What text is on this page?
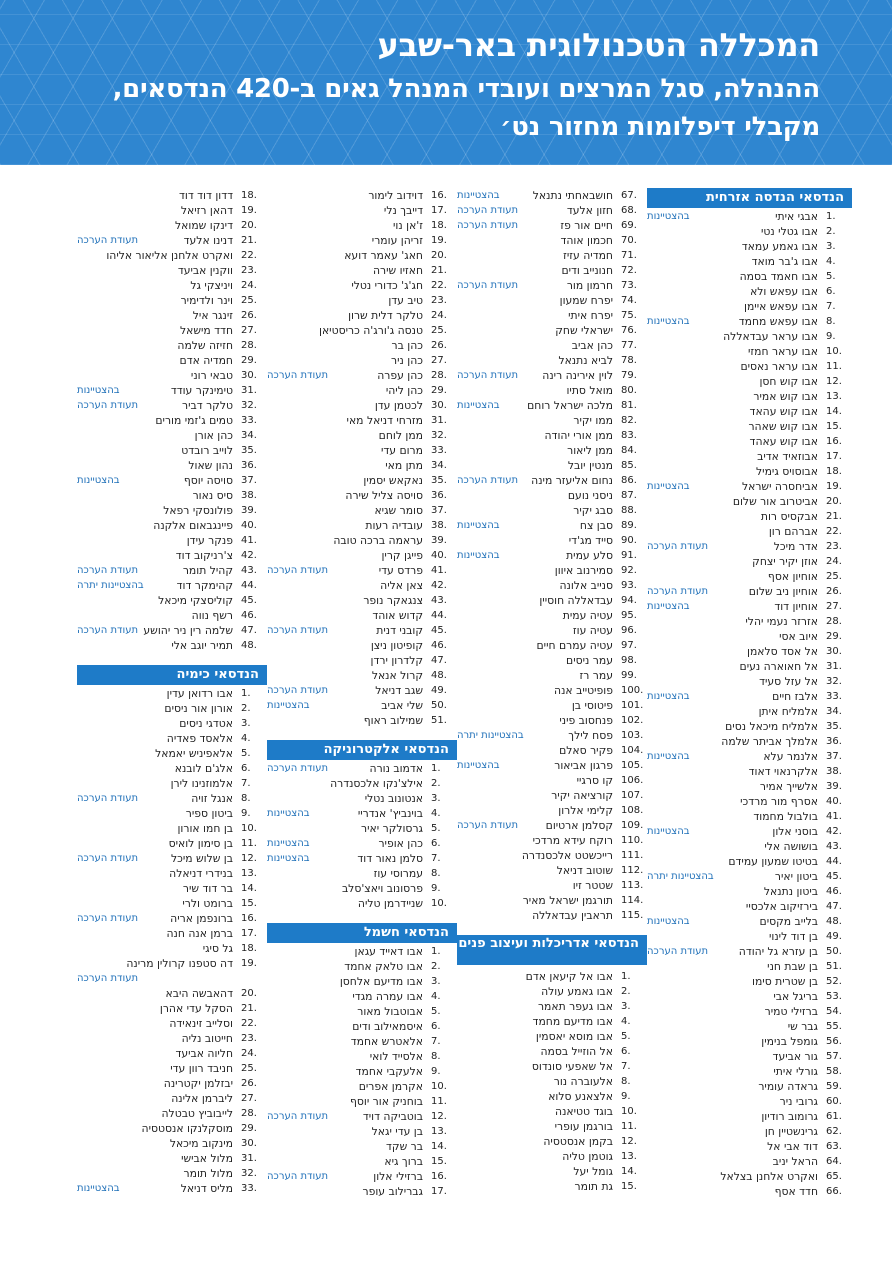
המכללה הטכנולוגית באר-שבע
ההנהלה, סגל המרצים ועובדי המנהל גאים ב-420 הנדסאים,
מקבלי דיפלומות מחזור נט׳
הנדסאי הנדסה אזרחית
1.
אבגי איתי
בהצטיינות
2.
אבו גטלי נטי
3.
אבו גאמע עמאד
4.
אבו ג'בר מואד
5.
אבו חאמד בסמה
6.
אבו עפאש ולא
7.
אבו עפאש איימן
8.
אבו עפאש מחמד
בהצטיינות
9.
אבו עראר עבדאללה
10.
אבו עראר חמזי
11.
אבו עראר נאסים
12.
אבו קוש חסן
13.
אבו קוש אמיר
14.
אבו קוש עהאד
15.
אבו קוש שאהר
16.
אבו קוש עאהד
17.
אבוזאיד אדיב
18.
אבוסויס גימיל
19.
אביחסרה ישראל
בהצטיינות
20.
אביטרוב אור שלום
21.
אבקסיס רות
22.
אברהם רון
23.
אדר מיכל
תעודת הערכה
24.
אוזן יקיר יצחק
25.
אוחיון אסף
26.
אוחיון ניב שלום
תעודת הערכה
27.
אוחיון דוד
בהצטיינות
28.
אזרזר נעמי יהלי
29.
איוב אסי
30.
אל אסד סלאמן
31.
אל חאוארה נעים
32.
אל עזל סעיד
33.
אלבז חיים
בהצטיינות
34.
אלמליח איתן
35.
אלמליח מיכאל נסים
36.
אלמלך אביתר שלמה
37.
אלנמר עלא
בהצטיינות
38.
אלקרנאוי דאוד
39.
אלשייך אמיר
40.
אסרף מור מרדכי
41.
בולבול מחמוד
42.
בוסני אלון
בהצטיינות
43.
בושושה אלי
44.
בטיטו שמעון עמידם
45.
ביטון יאיר
בהצטיינות יתרה
46.
ביטון נתנאל
47.
בירזיקוב אלכסיי
48.
בלייב מקסים
בהצטיינות
49.
בן דוד לינוי
50.
בן עזרא גל יהודה
תעודת הערכה
51.
בן שבת חני
52.
בן שטרית סימו
53.
בריגל אבי
54.
ברזילי טמיר
55.
גבר שי
56.
גומפל בנימין
57.
גור אביעד
58.
גורלי איתי
59.
גראדה עומיר
60.
גרובי ניר
61.
גרומוב רודיון
62.
גרינשטיין חן
63.
דוד אבי אל
64.
הראל יניב
65.
ואקרט אלחנן בצלאל
66.
חדד אסף
67.
חושבאחתי נתנאל
בהצטיינות
68.
חזון אלעד
תעודת הערכה
69.
חיים אור פז
תעודת הערכה
70.
חכמון אוהד
71.
חמדיה עזיז
72.
חנונייב ודים
73.
חרמון מור
תעודת הערכה
74.
יפרח שמעון
75.
יפרח איתי
76.
ישראלי שחק
77.
כהן אביב
78.
לביא נתנאל
79.
לוין אירינה רינה
תעודת הערכה
80.
מואל סתיו
81.
מלכה ישראל רוחם
בהצטיינות
82.
ממו יקיר
83.
ממן אורי יהודה
84.
ממן ליאור
85.
מנטין יובל
86.
נחום אליעזר מינה
תעודת הערכה
87.
ניסני נועם
88.
סבג יקיר
89.
סבן צח
בהצטיינות
90.
סייד מג'די
91.
סלע עמית
בהצטיינות
92.
סמירנוב איוון
93.
סנייב אלונה
94.
עבדאללה חוסיין
95.
עטיה עמית
96.
עטיה עוז
97.
עטיה עמרם חיים
98.
עמר ניסים
99.
עמר רז
100.
פופיטייב אנה
101.
פיטוסי בן
102.
פנחסוב פיני
103.
פסח לילך
בהצטיינות יתרה
104.
פקיר סאלם
105.
פרגון אביאור
בהצטיינות
106.
קו סרגיי
107.
קורציאה יקיר
108.
קלימי אלרון
109.
קסלמן ארטיום
תעודת הערכה
110.
רוקח עידא מרדכי
111.
רייכשטט אלכסנדרה
112.
שוטוב דניאל
113.
שטטר זיו
114.
תורגמן ישראל מאיר
115.
תראבין עבדאללה
הנדסאי אדריכלות ועיצוב פנים
1.
אבו אל קיעאן אדם
2.
אבו גאמע עולה
3.
אבו געפר תאמר
4.
אבו מדיעם מחמד
5.
אבו מוסא יאסמין
6.
אל הוזייל בסמה
7.
אל שאפעי סונדוס
8.
אלעוברה נור
9.
אלצאנע סלוא
10.
בוגד טטיאנה
11.
בורגמן עופרי
12.
בקמן אנסטסיה
13.
גוטמן טליה
14.
גומל יעל
15.
גת תומר
16.
דוידוב לימור
17.
דייבך נלי
18.
ז'אן נוי
19.
זריהן עומרי
20.
חאג' עאמר דועא
21.
חאזיו שירה
22.
חג'ג' כדורי נטלי
23.
טיב עדן
24.
טלקר דלית שרון
25.
טנסה ג'ורג'ה כריסטיאן
26.
כהן בר
27.
כהן ניר
28.
כהן עפרה
תעודת הערכה
29.
כהן ליהי
30.
לכטמן עדן
31.
מזרחי דניאל מאי
32.
ממן לוחם
33.
מרום עדי
34.
מתן מאי
35.
נאקאש יסמין
36.
סויסה צליל שירה
37.
סומר שגיא
38.
עובדיה רעות
39.
עראמה ברכה טובה
40.
פייגן קרין
41.
פרדס עדי
תעודת הערכה
42.
צאן אליה
43.
צנגאקר נופר
44.
קדוש אוהד
45.
קובני דנית
תעודת הערכה
46.
קופיטון ניצן
47.
קלדרון ירדן
48.
קרול אנאל
49.
שגב דניאל
תעודת הערכה
50.
שלי אביב
בהצטיינות
51.
שמילוב ראוף
הנדסאי אלקטרוניקה
1.
אדמוב נורה
תעודת הערכה
2.
אילצ'נקו אלכסנדרה
3.
אנטונוב נטלי
4.
בוינביץ' אנדריי
בהצטיינות
5.
גרסולקר יאיר
6.
כהן אופיר
בהצטיינות
7.
סלמן נאור דוד
בהצטיינות
8.
עמרוסי עוז
9.
פרסונוב ויאצ'סלב
10.
שניידרמן טליה
הנדסאי חשמל
1.
אבו דאייד עגאן
2.
אבו טלאק אחמד
3.
אבו מדיעם אלחסן
4.
אבו עמרה מגדי
5.
אבוטבול מאור
6.
איסמאילוב ודים
7.
אלאטרש אחמד
8.
אלסייד לואי
9.
אלעקבי אחמד
10.
אקרמן אפרים
11.
בוחניק אור יוסף
12.
בוטביקה דויד
תעודת הערכה
13.
בן עדי יגאל
14.
בר שקד
15.
ברוך גיא
16.
ברזילי אלון
תעודת הערכה
17.
גברילוב עופר
18.
דדון דוד דוד
19.
דהאן רזיאל
20.
דינקו שמואל
21.
דנינו אלעד
תעודת הערכה
22.
ואקרט אלחנן אליאור אליהו
23.
ווקנין אביעד
24.
ויניצקי גל
25.
וינר ולדימיר
26.
זינגר איל
27.
חדד מישאל
28.
חזיזה שלמה
29.
חמדיה אדם
30.
טבאי רוני
31.
טימינקר עודד
בהצטיינות
32.
טלקר דביר
תעודת הערכה
33.
טמים ג'זמי מורים
34.
כהן אורן
35.
לוייב רובדט
36.
נהון שאול
37.
סויסה יוסף
בהצטיינות
38.
סיס נאור
39.
פולונסקי רפאל
40.
פיינגבאום אלקנה
41.
פנקר עידן
42.
צ'רניקוב דוד
43.
קהיל תומר
תעודת הערכה
44.
קהימקר דוד
בהצטיינות יתרה
45.
קוליסצקי מיכאל
46.
רשף נווה
47.
שלמה רין ניר יהושע
תעודת הערכה
48.
תמיר יוגב אלי
הנדסאי כימיה
1.
אבו רדואן עדין
2.
אורון אור ניסים
3.
אטדגי ניסים
4.
אלאסד פאדיה
5.
אלאפיניש יאמאל
6.
אלג'ם לובנא
7.
אלמוזנינו לירן
8.
אנגל זויה
תעודת הערכה
9.
ביטון ספיר
10.
בן חמו אורון
11.
בן סימון לואיס
12.
בן שלוש מיכל
תעודת הערכה
13.
בנידרי דניאלה
14.
בר דוד שיר
15.
ברומט ולרי
16.
ברונפמן אריה
תעודת הערכה
17.
ברמן אנה חנה
18.
גל סיגי
19.
דה סטפנו קרולין מרינה
תעודת הערכה
20.
דהאבשה היבא
21.
הסקל עדי אהרן
22.
וסלייב זינאידה
23.
חייטוב נליה
24.
חליוה אביעד
25.
חניבד רוון עדי
26.
יבזלמן יקטרינה
27.
ליברמן אלינה
28.
לייבוביץ טבטלה
29.
מוסקלנקו אנסטסיה
30.
מינקוב מיכאל
31.
מלול אבישי
32.
מלול תומר
33.
מליס דניאל
בהצטיינות
